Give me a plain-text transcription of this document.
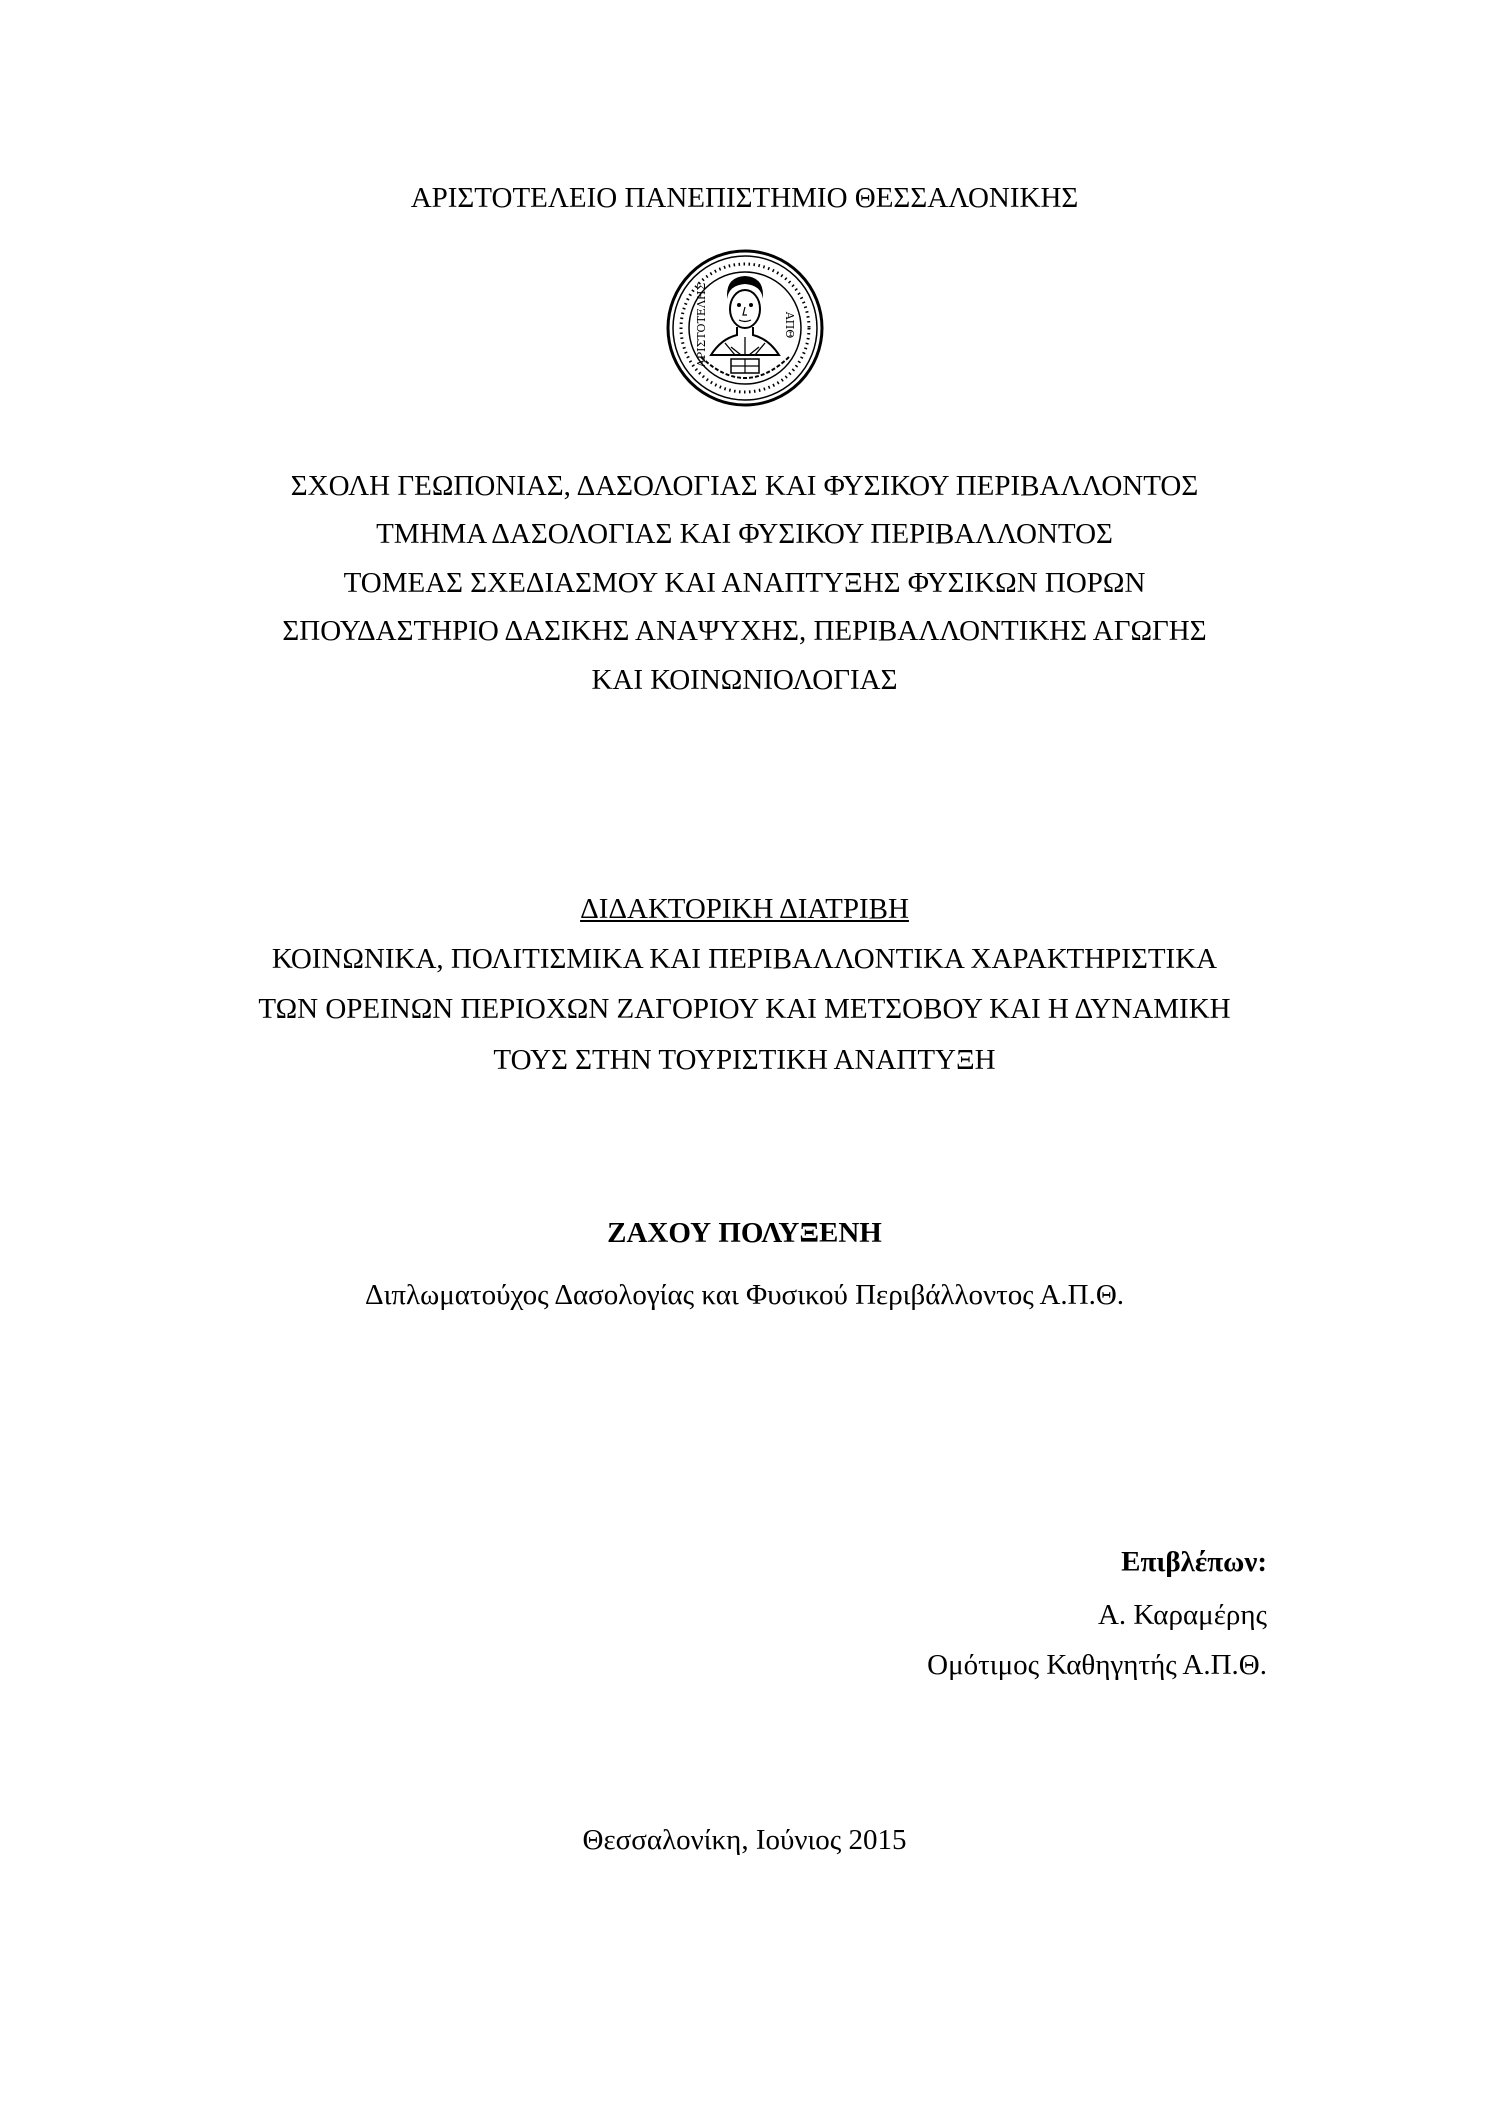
ΑΡΙΣΤΟΤΕΛΕΙΟ ΠΑΝΕΠΙΣΤΗΜΙΟ ΘΕΣΣΑΛΟΝΙΚΗΣ
ΑΡΙΣΤΟΤΕΛΗΣ	ΑΠΘ
ΣΧΟΛΗ ΓΕΩΠΟΝΙΑΣ, ΔΑΣΟΛΟΓΙΑΣ ΚΑΙ ΦΥΣΙΚΟΥ ΠΕΡΙΒΑΛΛΟΝΤΟΣ
ΤΜΗΜΑ ΔΑΣΟΛΟΓΙΑΣ ΚΑΙ ΦΥΣΙΚΟΥ ΠΕΡΙΒΑΛΛΟΝΤΟΣ
ΤΟΜΕΑΣ ΣΧΕΔΙΑΣΜΟΥ ΚΑΙ ΑΝΑΠΤΥΞΗΣ ΦΥΣΙΚΩΝ ΠΟΡΩΝ
ΣΠΟΥΔΑΣΤΗΡΙΟ ΔΑΣΙΚΗΣ ΑΝΑΨΥΧΗΣ, ΠΕΡΙΒΑΛΛΟΝΤΙΚΗΣ ΑΓΩΓΗΣ
ΚΑΙ ΚΟΙΝΩΝΙΟΛΟΓΙΑΣ
ΔΙΔΑΚΤΟΡΙΚΗ ΔΙΑΤΡΙΒΗ
ΚΟΙΝΩΝΙΚΑ, ΠΟΛΙΤΙΣΜΙΚΑ ΚΑΙ ΠΕΡΙΒΑΛΛΟΝΤΙΚΑ ΧΑΡΑΚΤΗΡΙΣΤΙΚΑ
ΤΩΝ ΟΡΕΙΝΩΝ ΠΕΡΙΟΧΩΝ ΖΑΓΟΡΙΟΥ ΚΑΙ ΜΕΤΣΟΒΟΥ ΚΑΙ Η ΔΥΝΑΜΙΚΗ
ΤΟΥΣ ΣΤΗΝ ΤΟΥΡΙΣΤΙΚΗ ΑΝΑΠΤΥΞΗ
ΖΑΧΟΥ ΠΟΛΥΞΕΝΗ
Διπλωματούχος Δασολογίας και Φυσικού Περιβάλλοντος Α.Π.Θ.
Επιβλέπων:
Α. Καραμέρης
Ομότιμος Καθηγητής Α.Π.Θ.
Θεσσαλονίκη, Ιούνιος 2015
